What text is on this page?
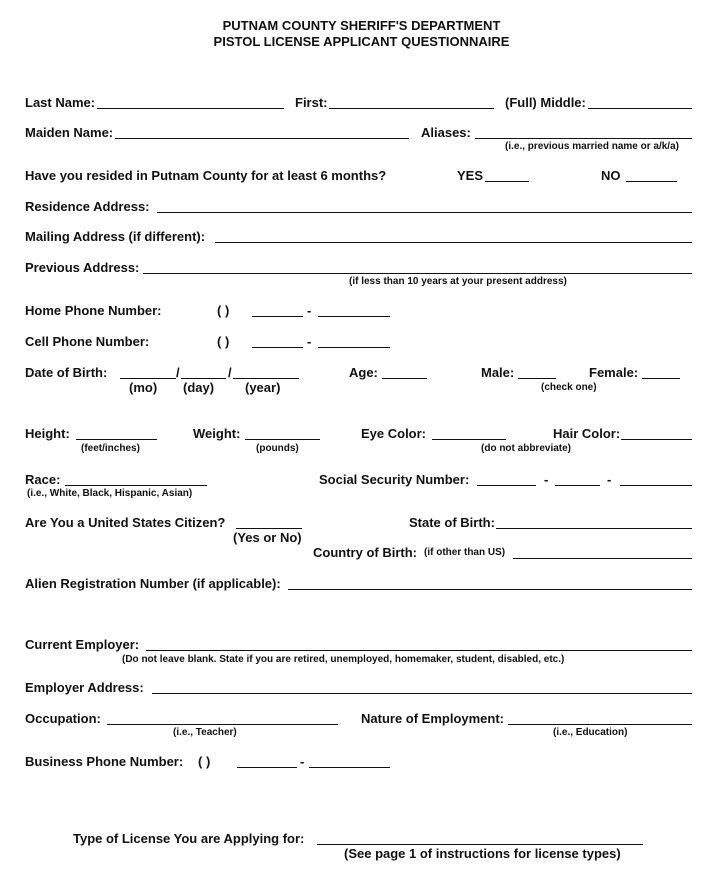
PUTNAM COUNTY SHERIFF'S DEPARTMENT
PISTOL LICENSE APPLICANT QUESTIONNAIRE
Last Name:	First:	(Full) Middle:
Maiden Name:	Aliases:
(i.e., previous married name or a/k/a)
Have you resided in Putnam County for at least 6 months?	YES	NO
Residence Address:
Mailing Address (if different):
Previous Address:
(if less than 10 years at your present address)
Home Phone Number:	( )	-
Cell Phone Number:	( )	-
Date of Birth:	/	/
(mo) (day) (year)
Age:	Male:	Female:
(check one)
Height:
(feet/inches)
Weight:
(pounds)
Eye Color:
(do not abbreviate)
Hair Color:
Race:
(i.e., White, Black, Hispanic, Asian)
Social Security Number:	-	-
Are You a United States Citizen?
(Yes or No)
State of Birth:
Country of Birth: (if other than US)
Alien Registration Number (if applicable):
Current Employer:
(Do not leave blank. State if you are retired, unemployed, homemaker, student, disabled, etc.)
Employer Address:
Occupation:
(i.e., Teacher)
Nature of Employment:
(i.e., Education)
Business Phone Number: ( )	-
Type of License You are Applying for:
(See page 1 of instructions for license types)
